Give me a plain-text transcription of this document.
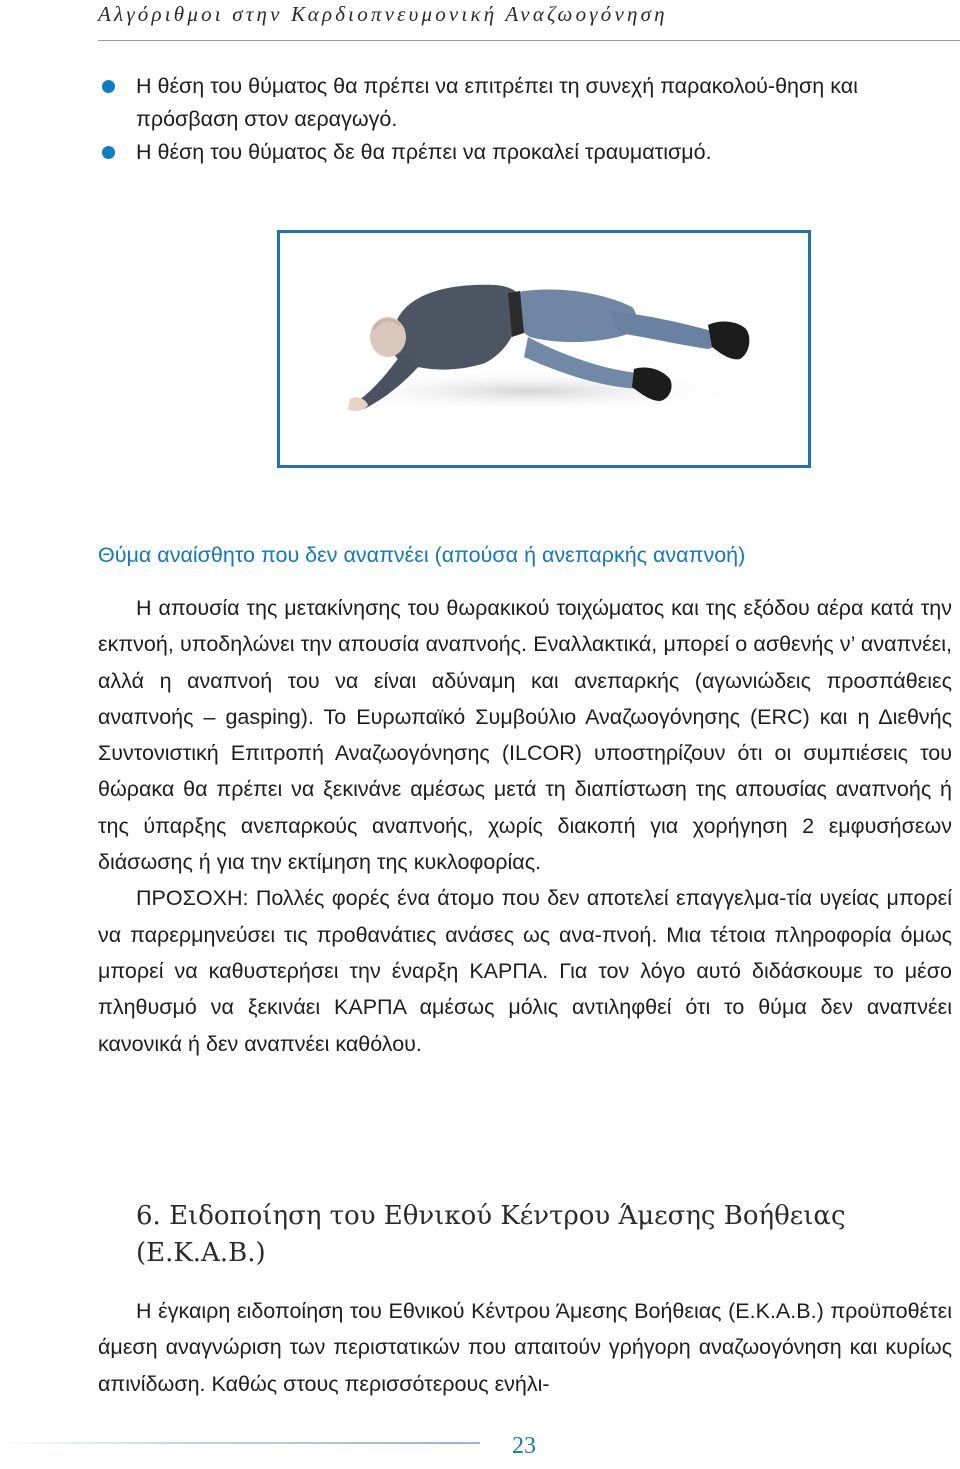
Αλγόριθμοι στην Καρδιοπνευμονική Αναζωογόνηση
Η θέση του θύματος θα πρέπει να επιτρέπει τη συνεχή παρακολού-θηση και πρόσβαση στον αεραγωγό.
Η θέση του θύματος δε θα πρέπει να προκαλεί τραυματισμό.
Θύμα αναίσθητο που δεν αναπνέει (απούσα ή ανεπαρκής αναπνοή)

Η απουσία της μετακίνησης του θωρακικού τοιχώματος και της εξόδου αέρα κατά την εκπνοή, υποδηλώνει την απουσία αναπνοής. Εναλλακτικά, μπορεί ο ασθενής ν’ αναπνέει, αλλά η αναπνοή του να είναι αδύναμη και ανεπαρκής (αγωνιώδεις προσπάθειες αναπνοής – gasping). Το Ευρωπαϊκό Συμβούλιο Αναζωογόνησης (ERC) και η Διεθνής Συντονιστική Επιτροπή Αναζωογόνησης (ILCOR) υποστηρίζουν ότι οι συμπιέσεις του θώρακα θα πρέπει να ξεκινάνε αμέσως μετά τη διαπίστωση της απουσίας αναπνοής ή της ύπαρξης ανεπαρκούς αναπνοής, χωρίς διακοπή για χορήγηση 2 εμφυσήσεων διάσωσης ή για την εκτίμηση της κυκλοφορίας.

ΠΡΟΣΟΧΗ: Πολλές φορές ένα άτομο που δεν αποτελεί επαγγελμα-τία υγείας μπορεί να παρερμηνεύσει τις προθανάτιες ανάσες ως ανα-πνοή. Μια τέτοια πληροφορία όμως μπορεί να καθυστερήσει την έναρξη ΚΑΡΠΑ. Για τον λόγο αυτό διδάσκουμε το μέσο πληθυσμό να ξεκινάει ΚΑΡΠΑ αμέσως μόλις αντιληφθεί ότι το θύμα δεν αναπνέει κανονικά ή δεν αναπνέει καθόλου.

6. Ειδοποίηση του Εθνικού Κέντρου Άμεσης Βοήθειας (Ε.Κ.Α.Β.)

Η έγκαιρη ειδοποίηση του Εθνικού Κέντρου Άμεσης Βοήθειας (Ε.Κ.Α.Β.) προϋποθέτει άμεση αναγνώριση των περιστατικών που απαιτούν γρήγορη αναζωογόνηση και κυρίως απινίδωση. Καθώς στους περισσότερους ενήλι-

23
